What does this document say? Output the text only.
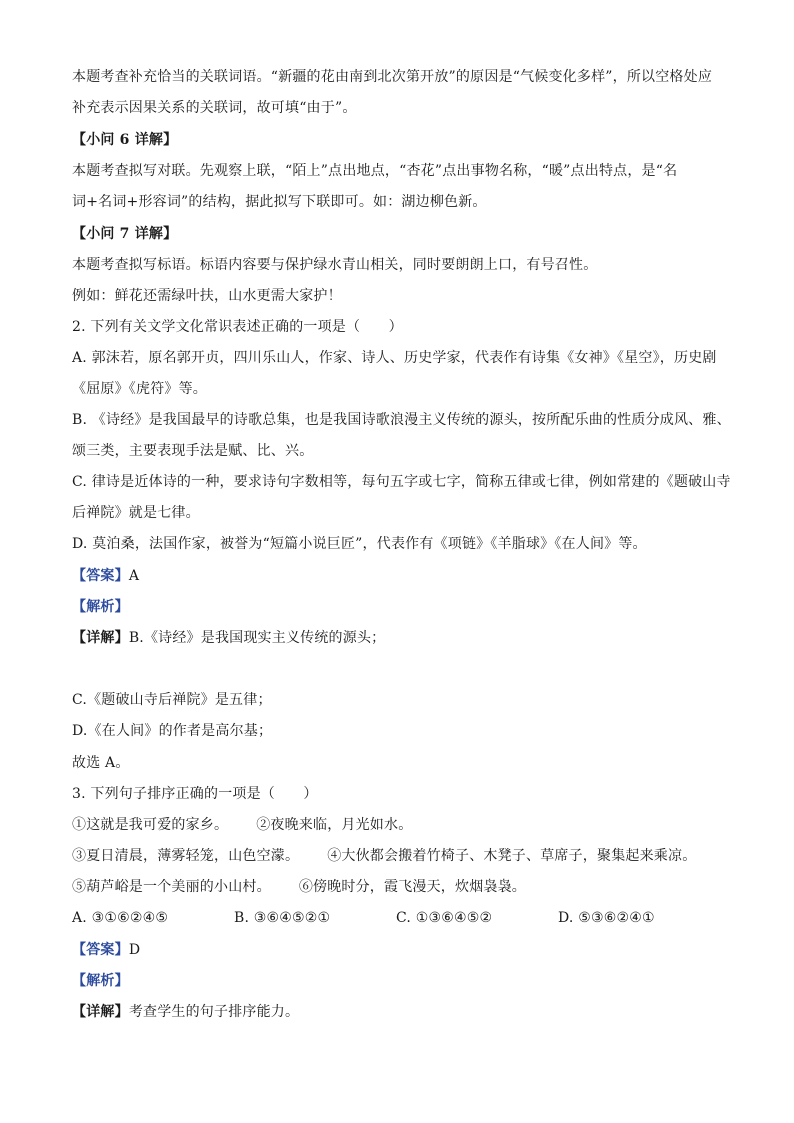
本题考查补充恰当的关联词语。“新疆的花由南到北次第开放”的原因是“气候变化多样”，所以空格处应
补充表示因果关系的关联词，故可填“由于”。
【小问 6 详解】
本题考查拟写对联。先观察上联，“陌上”点出地点，“杏花”点出事物名称，“暖”点出特点，是“名
词+名词+形容词”的结构，据此拟写下联即可。如：湖边柳色新。
【小问 7 详解】
本题考查拟写标语。标语内容要与保护绿水青山相关，同时要朗朗上口，有号召性。
例如：鲜花还需绿叶扶，山水更需大家护！
2. 下列有关文学文化常识表述正确的一项是（　　）
A. 郭沫若，原名郭开贞，四川乐山人，作家、诗人、历史学家，代表作有诗集《女神》《星空》，历史剧
《屈原》《虎符》等。
B. 《诗经》是我国最早的诗歌总集，也是我国诗歌浪漫主义传统的源头，按所配乐曲的性质分成风、雅、
颂三类，主要表现手法是赋、比、兴。
C. 律诗是近体诗的一种，要求诗句字数相等，每句五字或七字，简称五律或七律，例如常建的《题破山寺
后禅院》就是七律。
D. 莫泊桑，法国作家，被誉为“短篇小说巨匠”，代表作有《项链》《羊脂球》《在人间》等。
【答案】A
【解析】
【详解】B.《诗经》是我国现实主义传统的源头；
C.《题破山寺后禅院》是五律；
D.《在人间》的作者是高尔基；
故选 A。
3. 下列句子排序正确的一项是（　　）
①这就是我可爱的家乡。 ②夜晚来临，月光如水。
③夏日清晨，薄雾轻笼，山色空濛。 ④大伙都会搬着竹椅子、木凳子、草席子，聚集起来乘凉。
⑤葫芦峪是一个美丽的小山村。 ⑥傍晚时分，霞飞漫天，炊烟袅袅。
A. ③①⑥②④⑤	B. ③⑥④⑤②①	C. ①③⑥④⑤②	D. ⑤③⑥②④①
【答案】D
【解析】
【详解】考查学生的句子排序能力。
